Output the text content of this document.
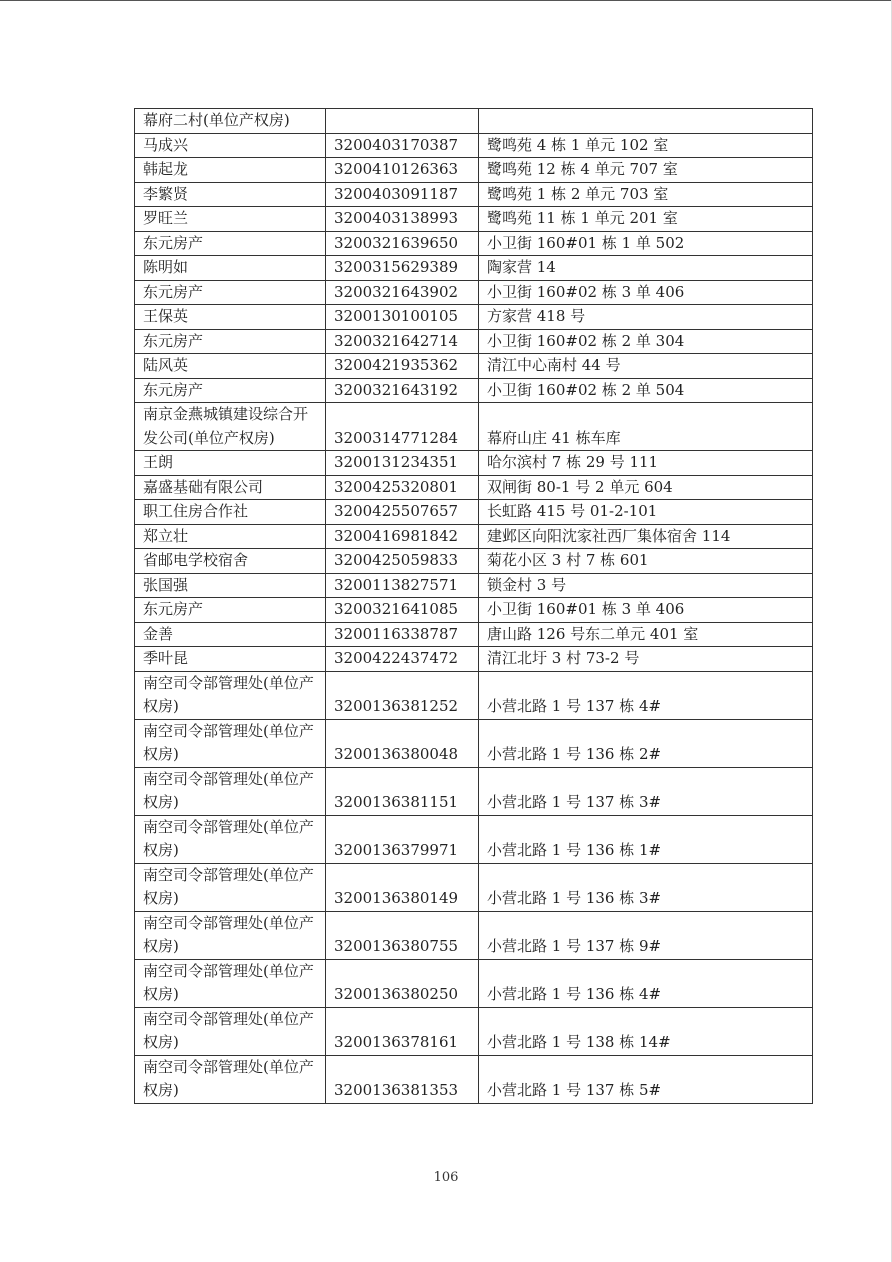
幕府二村(单位产权房)		
马成兴	3200403170387	鹭鸣苑 4 栋 1 单元 102 室
韩起龙	3200410126363	鹭鸣苑 12 栋 4 单元 707 室
李繁贤	3200403091187	鹭鸣苑 1 栋 2 单元 703 室
罗旺兰	3200403138993	鹭鸣苑 11 栋 1 单元 201 室
东元房产	3200321639650	小卫街 160#01 栋 1 单 502
陈明如	3200315629389	陶家营 14
东元房产	3200321643902	小卫街 160#02 栋 3 单 406
王保英	3200130100105	方家营 418 号
东元房产	3200321642714	小卫街 160#02 栋 2 单 304
陆风英	3200421935362	清江中心南村 44 号
东元房产	3200321643192	小卫街 160#02 栋 2 单 504
南京金燕城镇建设综合开发公司(单位产权房)	3200314771284	幕府山庄 41 栋车库
王朗	3200131234351	哈尔滨村 7 栋 29 号 111
嘉盛基础有限公司	3200425320801	双闸街 80-1 号 2 单元 604
职工住房合作社	3200425507657	长虹路 415 号 01-2-101
郑立壮	3200416981842	建邺区向阳沈家社西厂集体宿舍 114
省邮电学校宿舍	3200425059833	菊花小区 3 村 7 栋 601
张国强	3200113827571	锁金村 3 号
东元房产	3200321641085	小卫街 160#01 栋 3 单 406
金善	3200116338787	唐山路 126 号东二单元 401 室
季叶昆	3200422437472	清江北圩 3 村 73-2 号
南空司令部管理处(单位产权房)	3200136381252	小营北路 1 号 137 栋 4#
南空司令部管理处(单位产权房)	3200136380048	小营北路 1 号 136 栋 2#
南空司令部管理处(单位产权房)	3200136381151	小营北路 1 号 137 栋 3#
南空司令部管理处(单位产权房)	3200136379971	小营北路 1 号 136 栋 1#
南空司令部管理处(单位产权房)	3200136380149	小营北路 1 号 136 栋 3#
南空司令部管理处(单位产权房)	3200136380755	小营北路 1 号 137 栋 9#
南空司令部管理处(单位产权房)	3200136380250	小营北路 1 号 136 栋 4#
南空司令部管理处(单位产权房)	3200136378161	小营北路 1 号 138 栋 14#
南空司令部管理处(单位产权房)	3200136381353	小营北路 1 号 137 栋 5#
106
